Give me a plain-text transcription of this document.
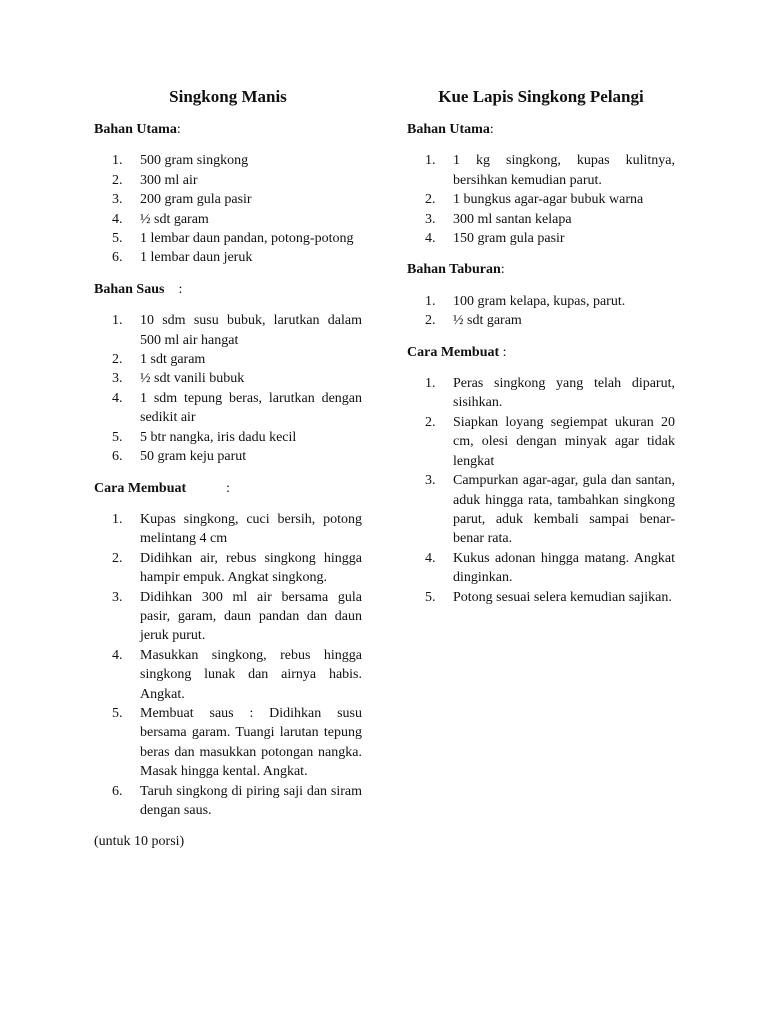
Singkong Manis

Bahan Utama:

1.	500 gram singkong
2.	300 ml air
3.	200 gram gula pasir
4.	½ sdt garam
5.	1 lembar daun pandan, potong-potong
6.	1 lembar daun jeruk

Bahan Saus :

1.	10 sdm susu bubuk, larutkan dalam 500 ml air hangat
2.	1 sdt garam
3.	½ sdt vanili bubuk
4.	1 sdm tepung beras, larutkan dengan sedikit air
5.	5 btr nangka, iris dadu kecil
6.	50 gram keju parut

Cara Membuat	:

1.	Kupas singkong, cuci bersih, potong melintang 4 cm
2.	Didihkan air, rebus singkong hingga hampir empuk. Angkat singkong.
3.	Didihkan 300 ml air bersama gula pasir, garam, daun pandan dan daun jeruk purut.
4.	Masukkan singkong, rebus hingga singkong lunak dan airnya habis. Angkat.
5.	Membuat saus : Didihkan susu bersama garam. Tuangi larutan tepung beras dan masukkan potongan nangka. Masak hingga kental. Angkat.
6.	Taruh singkong di piring saji dan siram dengan saus.
(untuk 10 porsi)
Kue Lapis Singkong Pelangi

Bahan Utama:

1.	1 kg singkong, kupas kulitnya, bersihkan kemudian parut.
2.	1 bungkus agar-agar bubuk warna
3.	300 ml santan kelapa
4.	150 gram gula pasir

Bahan Taburan:

1.	100 gram kelapa, kupas, parut.
2.	½ sdt garam

Cara Membuat :

1.	Peras singkong yang telah diparut, sisihkan.
2.	Siapkan loyang segiempat ukuran 20 cm, olesi dengan minyak agar tidak lengkat
3.	Campurkan agar-agar, gula dan santan, aduk hingga rata, tambahkan singkong parut, aduk kembali sampai benar-benar rata.
4.	Kukus adonan hingga matang. Angkat dinginkan.
5.	Potong sesuai selera kemudian sajikan.
